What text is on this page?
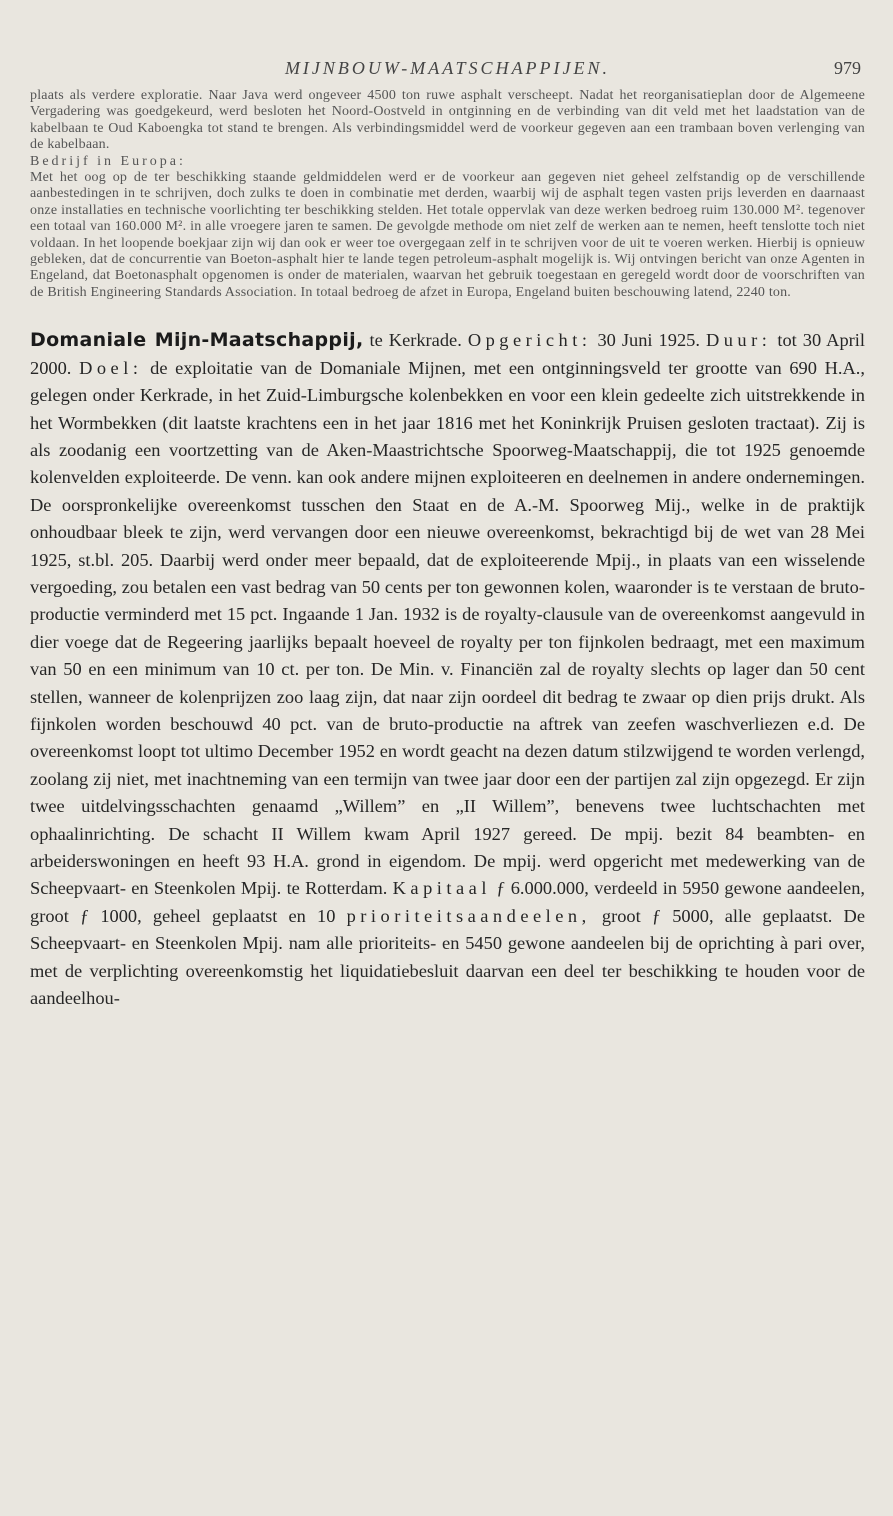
MIJNBOUW-MAATSCHAPPIJEN.	979

plaats als verdere exploratie. Naar Java werd ongeveer 4500 ton ruwe asphalt verscheept. Nadat het reorganisatieplan door de Algemeene Vergadering was goedgekeurd, werd besloten het Noord-Oostveld in ontginning en de verbinding van dit veld met het laadstation van de kabelbaan te Oud Kaboengka tot stand te brengen. Als verbindingsmiddel werd de voorkeur gegeven aan een trambaan boven verlenging van de kabelbaan.

Bedrijf in Europa:

Met het oog op de ter beschikking staande geldmiddelen werd er de voorkeur aan gegeven niet geheel zelfstandig op de verschillende aanbestedingen in te schrijven, doch zulks te doen in combinatie met derden, waarbij wij de asphalt tegen vasten prijs leverden en daarnaast onze installaties en technische voorlichting ter beschikking stelden. Het totale oppervlak van deze werken bedroeg ruim 130.000 M². tegenover een totaal van 160.000 M². in alle vroegere jaren te samen. De gevolgde methode om niet zelf de werken aan te nemen, heeft tenslotte toch niet voldaan. In het loopende boekjaar zijn wij dan ook er weer toe overgegaan zelf in te schrijven voor de uit te voeren werken. Hierbij is opnieuw gebleken, dat de concurrentie van Boeton-asphalt hier te lande tegen petroleum-asphalt mogelijk is. Wij ontvingen bericht van onze Agenten in Engeland, dat Boetonasphalt opgenomen is onder de materialen, waarvan het gebruik toegestaan en geregeld wordt door de voorschriften van de British Engineering Standards Association. In totaal bedroeg de afzet in Europa, Engeland buiten beschouwing latend, 2240 ton.

Domaniale Mijn-Maatschappij, te Kerkrade. Opgericht: 30 Juni 1925. Duur: tot 30 April 2000. Doel: de exploitatie van de Domaniale Mijnen, met een ontginningsveld ter grootte van 690 H.A., gelegen onder Kerkrade, in het Zuid-Limburgsche kolenbekken en voor een klein gedeelte zich uitstrekkende in het Wormbekken (dit laatste krachtens een in het jaar 1816 met het Koninkrijk Pruisen gesloten tractaat). Zij is als zoodanig een voortzetting van de Aken-Maastrichtsche Spoorweg-Maatschappij, die tot 1925 genoemde kolenvelden exploiteerde. De venn. kan ook andere mijnen exploiteeren en deelnemen in andere ondernemingen. De oorspronkelijke overeenkomst tusschen den Staat en de A.-M. Spoorweg Mij., welke in de praktijk onhoudbaar bleek te zijn, werd vervangen door een nieuwe overeenkomst, bekrachtigd bij de wet van 28 Mei 1925, st.bl. 205. Daarbij werd onder meer bepaald, dat de exploiteerende Mpij., in plaats van een wisselende vergoeding, zou betalen een vast bedrag van 50 cents per ton gewonnen kolen, waaronder is te verstaan de bruto-productie verminderd met 15 pct. Ingaande 1 Jan. 1932 is de royalty-clausule van de overeenkomst aangevuld in dier voege dat de Regeering jaarlijks bepaalt hoeveel de royalty per ton fijnkolen bedraagt, met een maximum van 50 en een minimum van 10 ct. per ton. De Min. v. Financiën zal de royalty slechts op lager dan 50 cent stellen, wanneer de kolenprijzen zoo laag zijn, dat naar zijn oordeel dit bedrag te zwaar op dien prijs drukt. Als fijnkolen worden beschouwd 40 pct. van de bruto-productie na aftrek van zeefen waschverliezen e.d. De overeenkomst loopt tot ultimo December 1952 en wordt geacht na dezen datum stilzwijgend te worden verlengd, zoolang zij niet, met inachtneming van een termijn van twee jaar door een der partijen zal zijn opgezegd. Er zijn twee uitdelvingsschachten genaamd „Willem” en „II Willem”, benevens twee luchtschachten met ophaalinrichting. De schacht II Willem kwam April 1927 gereed. De mpij. bezit 84 beambten- en arbeiderswoningen en heeft 93 H.A. grond in eigendom. De mpij. werd opgericht met medewerking van de Scheepvaart- en Steenkolen Mpij. te Rotterdam. Kapitaal ƒ 6.000.000, verdeeld in 5950 gewone aandeelen, groot ƒ 1000, geheel geplaatst en 10 prioriteitsaandeelen, groot ƒ 5000, alle geplaatst. De Scheepvaart- en Steenkolen Mpij. nam alle prioriteits- en 5450 gewone aandeelen bij de oprichting à pari over, met de verplichting overeenkomstig het liquidatiebesluit daarvan een deel ter beschikking te houden voor de aandeelhou-
